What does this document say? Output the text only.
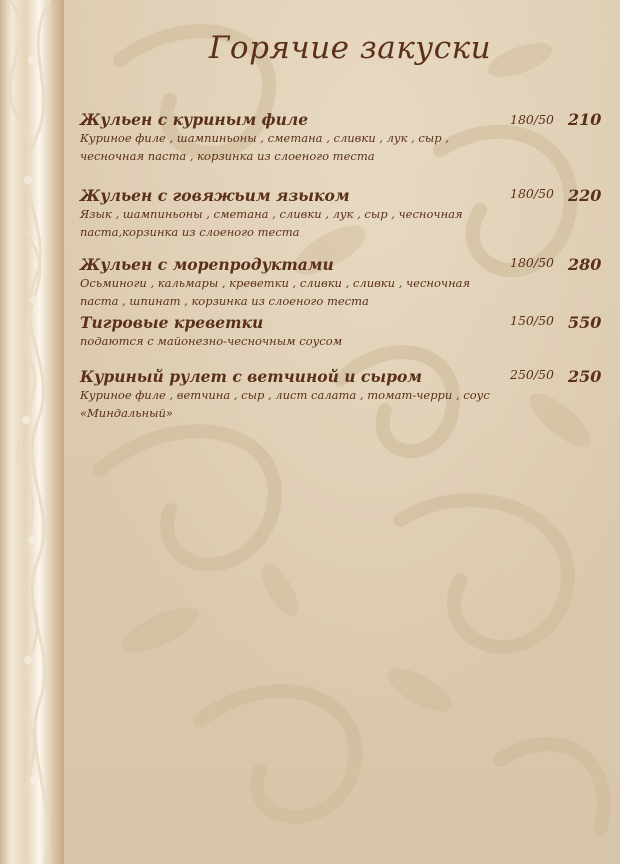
Горячие закуски
Жульен с куриным филе
Куриное филе , шампиньоны , сметана , сливки , лук , сыр , чесночная паста , корзинка из слоеного теста
180/50 210
Жульен с говяжьим языком
Язык , шампиньоны , сметана , сливки , лук , сыр , чесночная паста,корзинка из слоеного теста
180/50 220
Жульен с морепродуктами
Осьминоги , кальмары , креветки , сливки , сливки , чесночная паста , шпинат , корзинка из слоеного теста
180/50 280
Тигровые креветки
подаются с майонезно-чесночным соусом
150/50 550
Куриный рулет с ветчиной и сыром
Куриное филе , ветчина , сыр , лист салата , томат-черри , соус «Миндальный»
250/50 250
